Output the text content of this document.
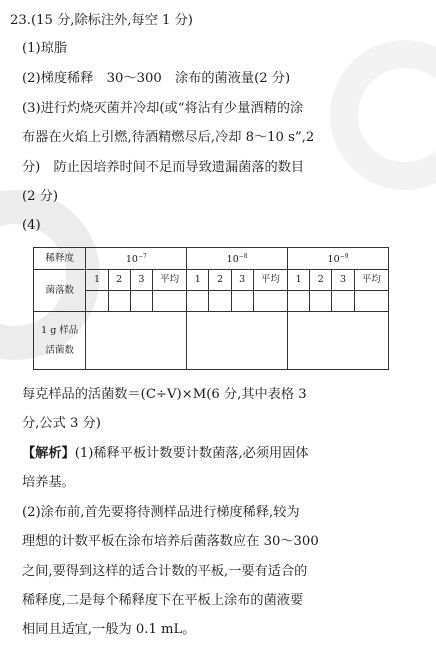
23.(15 分,除标注外,每空 1 分)
(1)琼脂
(2)梯度稀释　30～300　涂布的菌液量(2 分)
(3)进行灼烧灭菌并冷却(或“将沾有少量酒精的涂
布器在火焰上引燃,待酒精燃尽后,冷却 8～10 s”,2
分)　防止因培养时间不足而导致遗漏菌落的数目
(2 分)
(4)
稀释度	$10^{-7}$				$10^{-8}$				$10^{-9}$
菌落数	1	2	3	平均	1	2	3	平均	1	2	3	平均

1 g 样品
活菌数												
每克样品的活菌数＝(C÷V)×M(6 分,其中表格 3
分,公式 3 分)
【解析】(1)稀释平板计数要计数菌落,必须用固体
培养基。
(2)涂布前,首先要将待测样品进行梯度稀释,较为
理想的计数平板在涂布培养后菌落数应在 30～300
之间,要得到这样的适合计数的平板,一要有适合的
稀释度,二是每个稀释度下在平板上涂布的菌液要
相同且适宜,一般为 0.1 mL。
